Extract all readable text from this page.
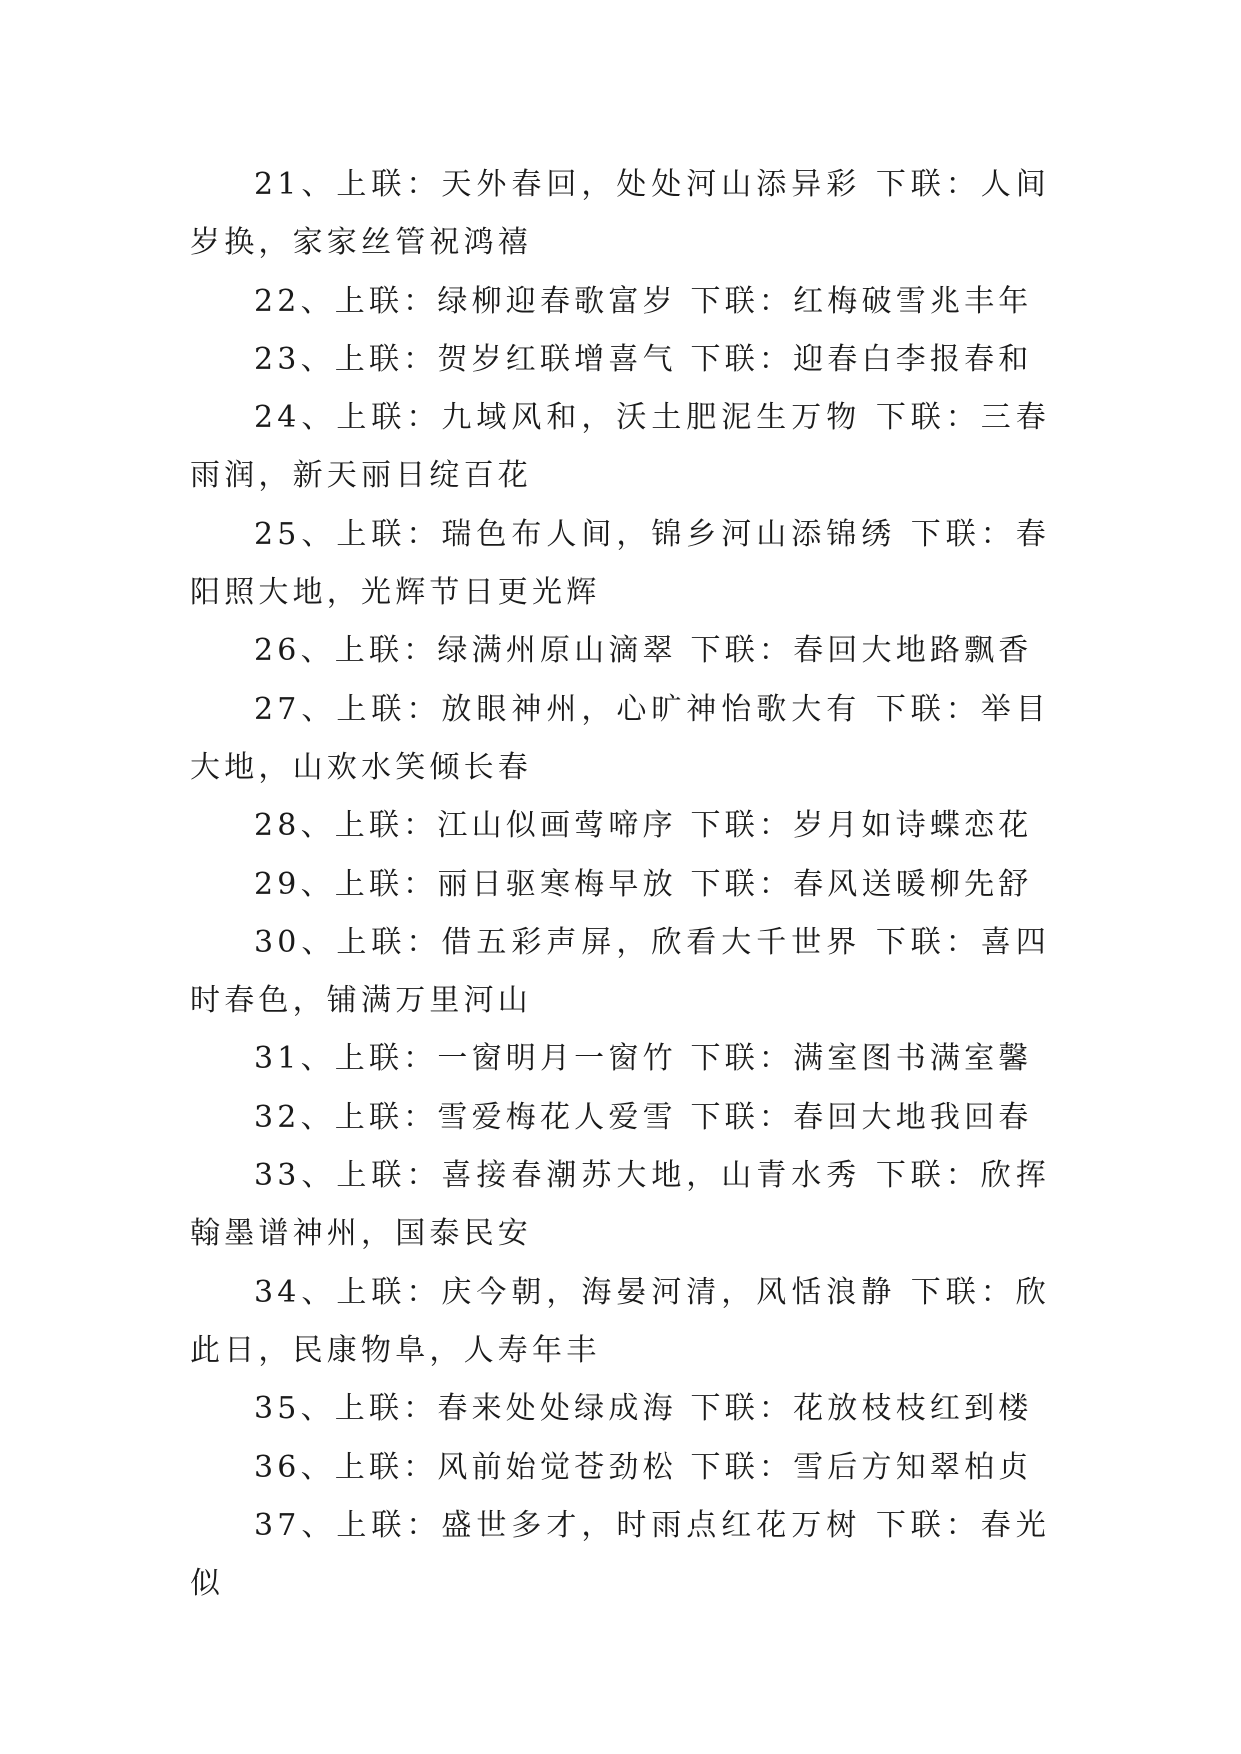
21、上联：天外春回，处处河山添异彩 下联：人间岁换，家家丝管祝鸿禧

22、上联：绿柳迎春歌富岁 下联：红梅破雪兆丰年

23、上联：贺岁红联增喜气 下联：迎春白李报春和

24、上联：九域风和，沃土肥泥生万物 下联：三春雨润，新天丽日绽百花

25、上联：瑞色布人间，锦乡河山添锦绣 下联：春阳照大地，光辉节日更光辉

26、上联：绿满州原山滴翠 下联：春回大地路飘香

27、上联：放眼神州，心旷神怡歌大有 下联：举目大地，山欢水笑倾长春

28、上联：江山似画莺啼序 下联：岁月如诗蝶恋花

29、上联：丽日驱寒梅早放 下联：春风送暖柳先舒

30、上联：借五彩声屏，欣看大千世界 下联：喜四时春色，铺满万里河山

31、上联：一窗明月一窗竹 下联：满室图书满室馨

32、上联：雪爱梅花人爱雪 下联：春回大地我回春

33、上联：喜接春潮苏大地，山青水秀 下联：欣挥翰墨谱神州，国泰民安

34、上联：庆今朝，海晏河清，风恬浪静 下联：欣此日，民康物阜，人寿年丰

35、上联：春来处处绿成海 下联：花放枝枝红到楼

36、上联：风前始觉苍劲松 下联：雪后方知翠柏贞

37、上联：盛世多才，时雨点红花万树 下联：春光似
